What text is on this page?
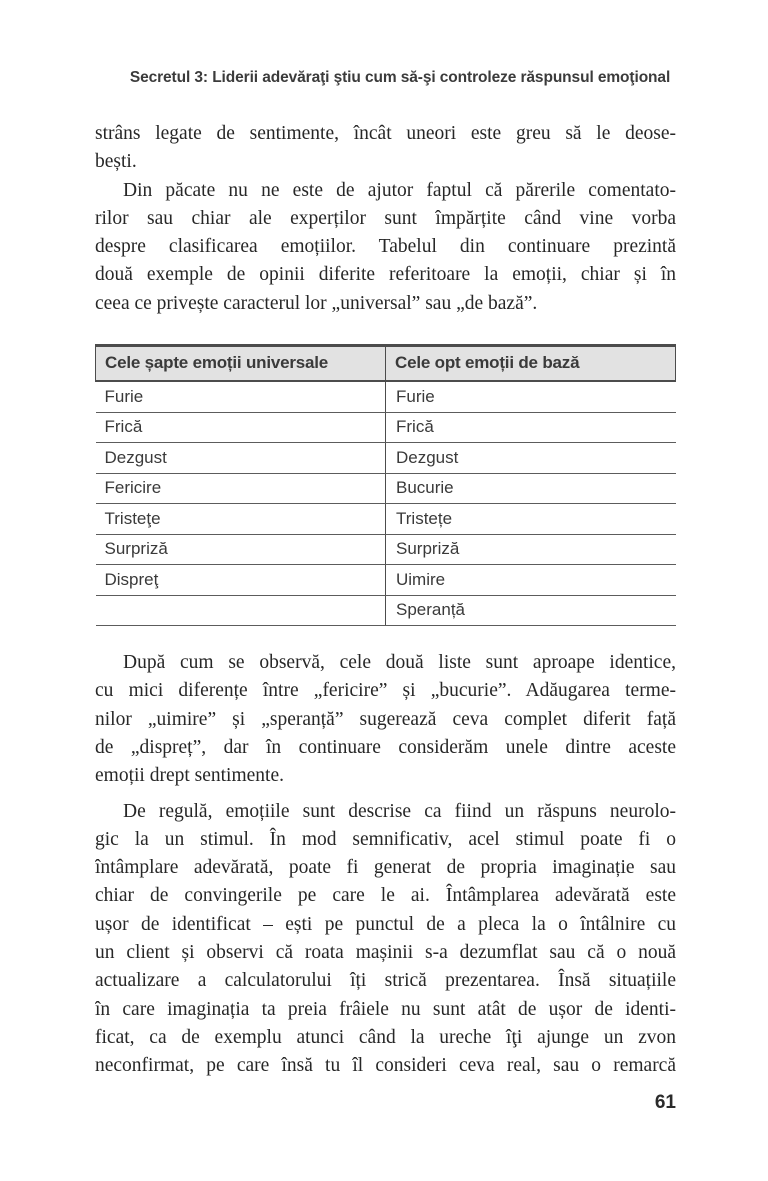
Secretul 3: Liderii adevăraţi ştiu cum să-şi controleze răspunsul emoţional
strâns legate de sentimente, încât uneori este greu să le deose-
bești.
Din păcate nu ne este de ajutor faptul că părerile comentato-
rilor sau chiar ale experților sunt împărțite când vine vorba
despre clasificarea emoțiilor. Tabelul din continuare prezintă
două exemple de opinii diferite referitoare la emoții, chiar și în
ceea ce privește caracterul lor „universal” sau „de bază”.
Cele șapte emoții universale	Cele opt emoții de bază
Furie	Furie
Frică	Frică
Dezgust	Dezgust
Fericire	Bucurie
Tristeţe	Tristețe
Surpriză	Surpriză
Dispreţ	Uimire
	Speranță
După cum se observă, cele două liste sunt aproape identice,
cu mici diferențe între „fericire” și „bucurie”. Adăugarea terme-
nilor „uimire” și „speranță” sugerează ceva complet diferit față
de „dispreț”, dar în continuare considerăm unele dintre aceste
emoții drept sentimente.
De regulă, emoțiile sunt descrise ca fiind un răspuns neurolo-
gic la un stimul. În mod semnificativ, acel stimul poate fi o
întâmplare adevărată, poate fi generat de propria imaginație sau
chiar de convingerile pe care le ai. Întâmplarea adevărată este
ușor de identificat – ești pe punctul de a pleca la o întâlnire cu
un client și observi că roata mașinii s-a dezumflat sau că o nouă
actualizare a calculatorului îți strică prezentarea. Însă situațiile
în care imaginația ta preia frâiele nu sunt atât de ușor de identi-
ficat, ca de exemplu atunci când la ureche îţi ajunge un zvon
neconfirmat, pe care însă tu îl consideri ceva real, sau o remarcă
61
